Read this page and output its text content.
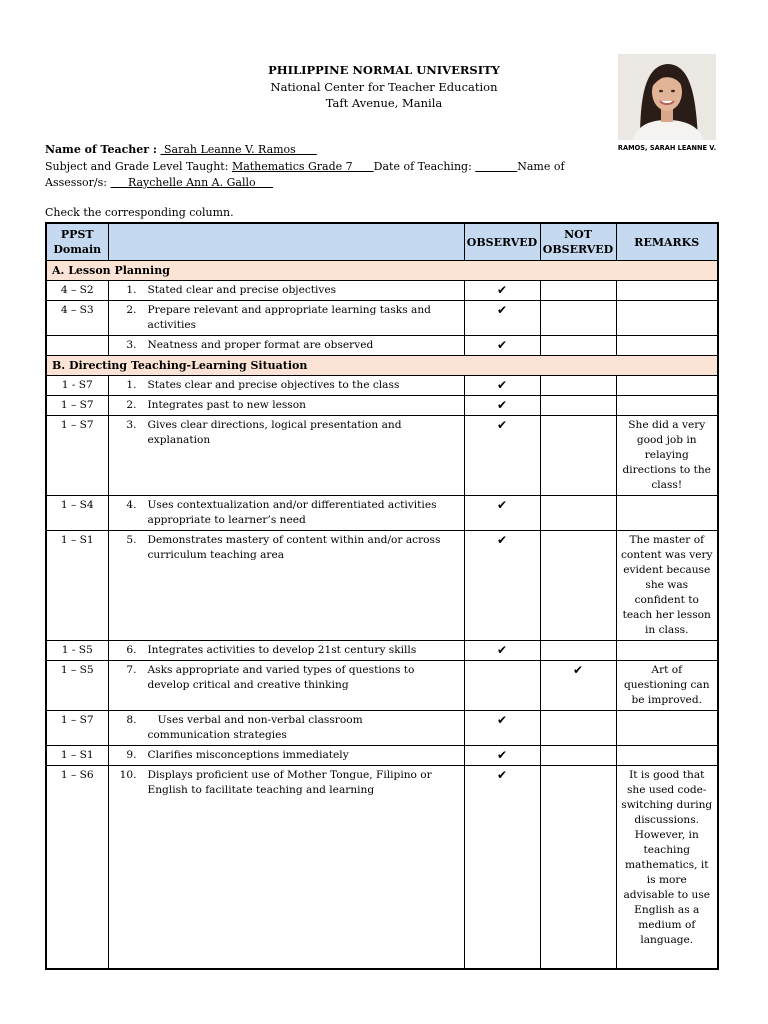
PHILIPPINE NORMAL UNIVERSITY
National Center for Teacher Education
Taft Avenue, Manila
RAMOS, SARAH LEANNE V.
Name of Teacher :  Sarah Leanne V. Ramos
Subject and Grade Level Taught: Mathematics Grade 7      Date of Teaching:	Name of
Assessor/s:      Raychelle Ann A. Gallo
Check the corresponding column.
PPST Domain		OBSERVED	NOT OBSERVED	REMARKS
A. Lesson Planning				
4 – S2	1. Stated clear and precise objectives	✔		
4 – S3	2. Prepare relevant and appropriate learning tasks and activities	✔		
	3. Neatness and proper format are observed	✔		
B. Directing Teaching-Learning Situation				
1 - S7	1. States clear and precise objectives to the class	✔		
1 – S7	2. Integrates past to new lesson	✔		
1 – S7	3. Gives clear directions, logical presentation and explanation	✔		She did a very good job in relaying directions to the class!
1 – S4	4. Uses contextualization and/or differentiated activities appropriate to learner’s need	✔		
1 – S1	5. Demonstrates mastery of content within and/or across curriculum teaching area	✔		The master of content was very evident because she was confident to teach her lesson in class.
1 - S5	6. Integrates activities to develop 21st century skills	✔		
1 – S5	7. Asks appropriate and varied types of questions to develop critical and creative thinking		✔	Art of questioning can be improved.
1 – S7	8.   Uses verbal and non-verbal classroom communication strategies	✔		
1 – S1	9. Clarifies misconceptions immediately	✔		
1 – S6	10. Displays proficient use of Mother Tongue, Filipino or English to facilitate teaching and learning	✔		It is good that she used code-switching during discussions. However, in teaching mathematics, it is more advisable to use English as a medium of language.
